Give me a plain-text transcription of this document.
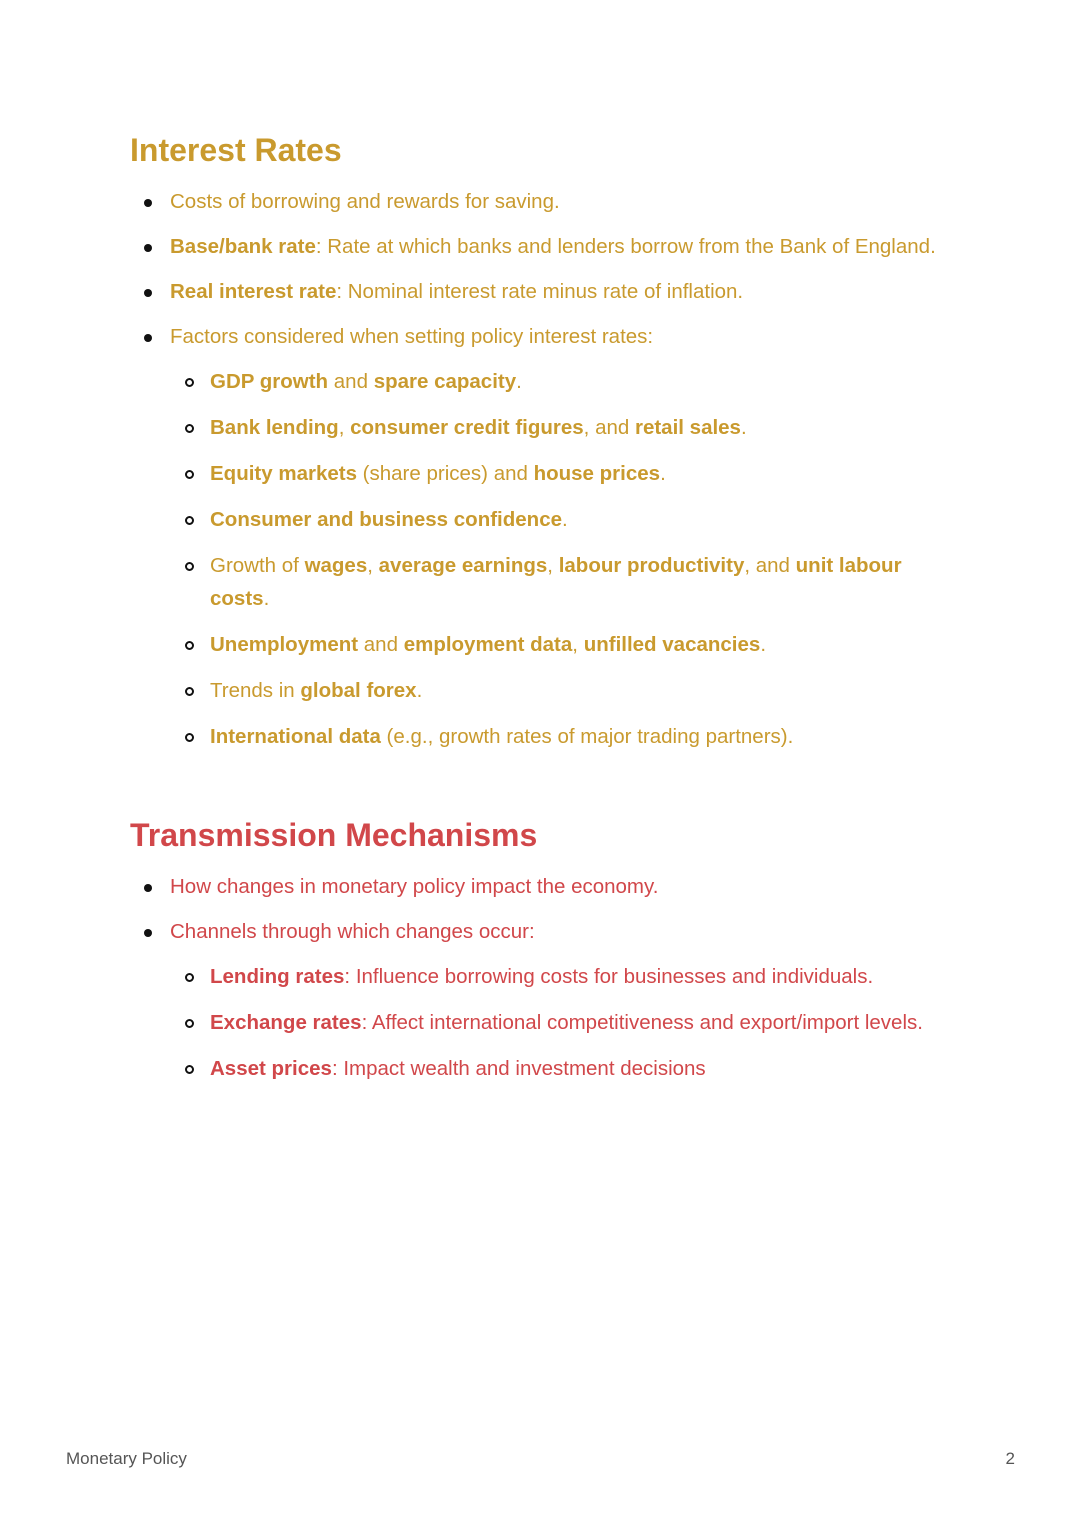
Interest Rates
Costs of borrowing and rewards for saving.
Base/bank rate: Rate at which banks and lenders borrow from the Bank of England.
Real interest rate: Nominal interest rate minus rate of inflation.
Factors considered when setting policy interest rates:
GDP growth and spare capacity.
Bank lending, consumer credit figures, and retail sales.
Equity markets (share prices) and house prices.
Consumer and business confidence.
Growth of wages, average earnings, labour productivity, and unit labour costs.
Unemployment and employment data, unfilled vacancies.
Trends in global forex.
International data (e.g., growth rates of major trading partners).
Transmission Mechanisms
How changes in monetary policy impact the economy.
Channels through which changes occur:
Lending rates: Influence borrowing costs for businesses and individuals.
Exchange rates: Affect international competitiveness and export/import levels.
Asset prices: Impact wealth and investment decisions
Monetary Policy	2
